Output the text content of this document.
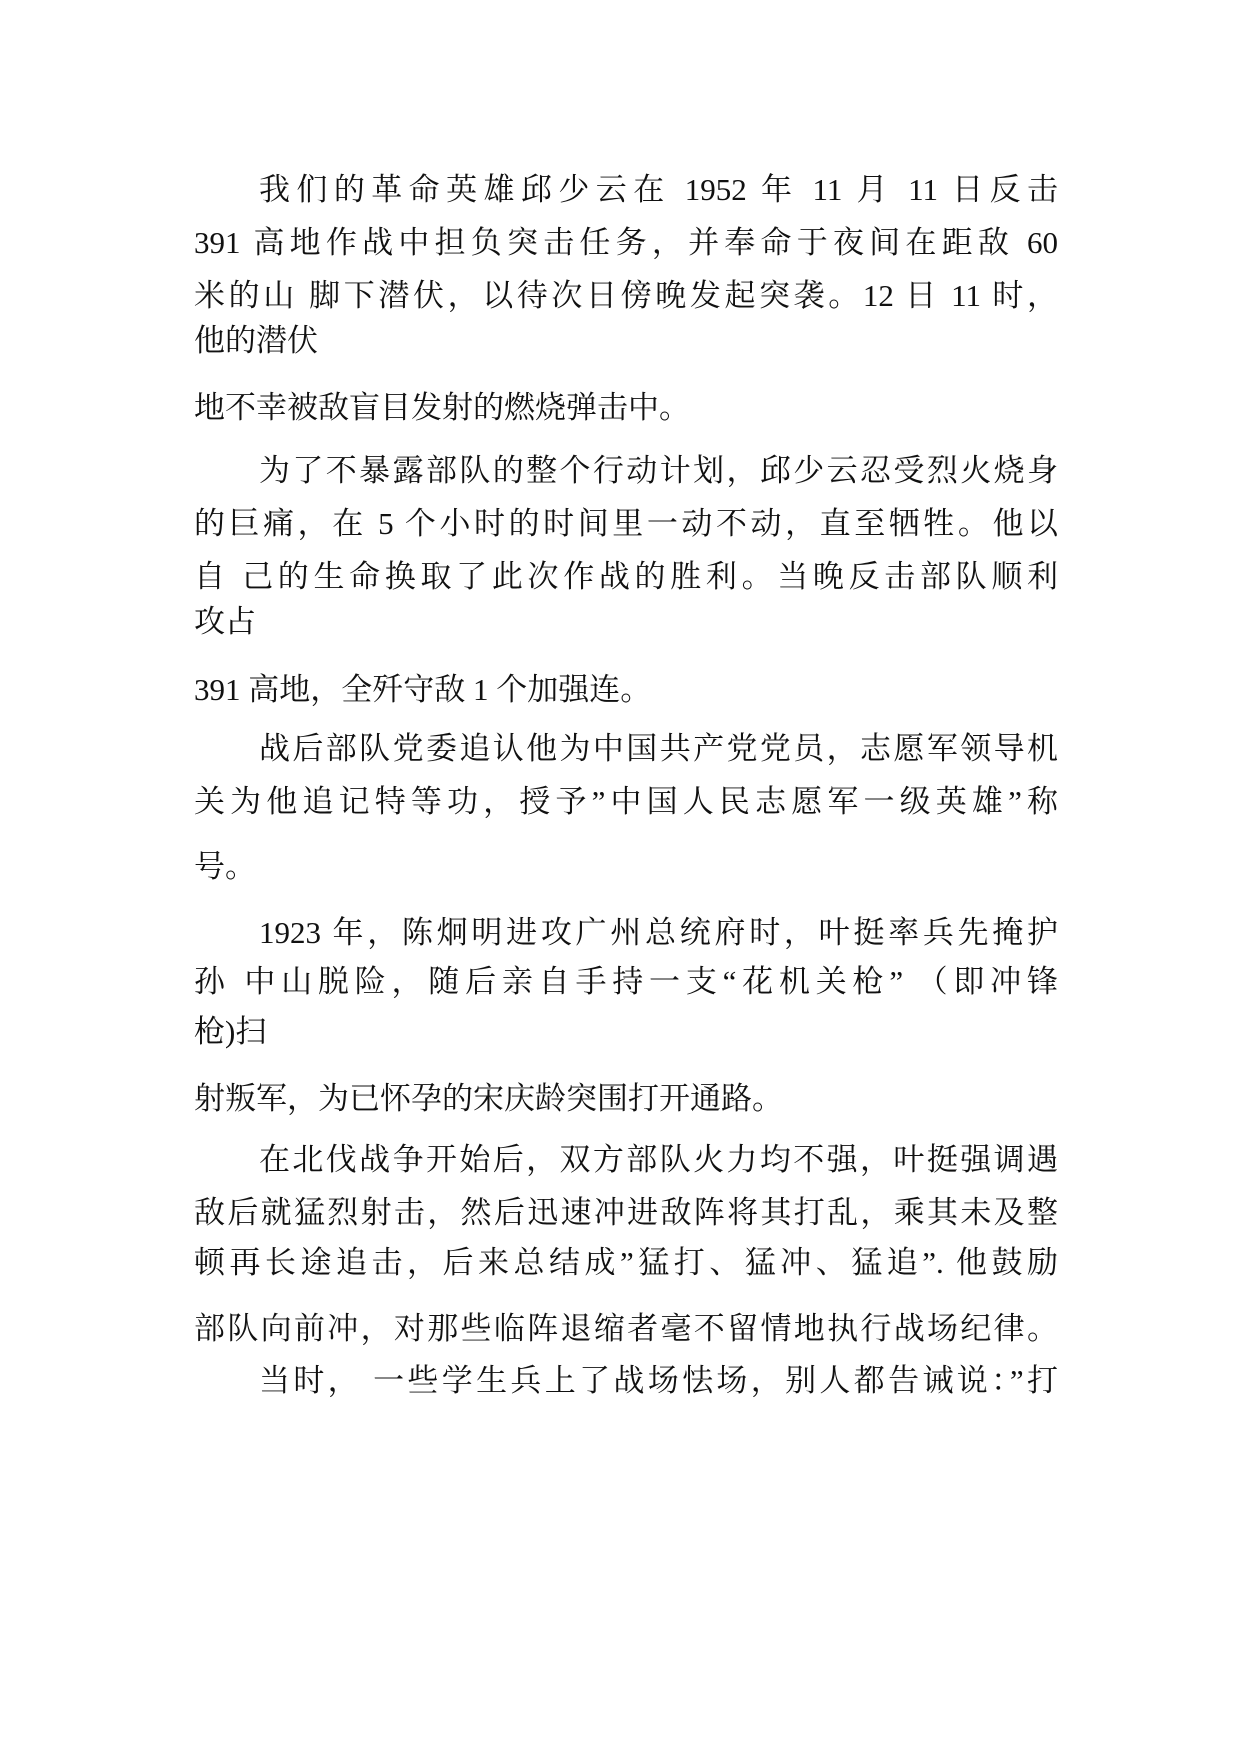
我们的革命英雄邱少云在 1952 年 11 月 11 日反击
391 高地作战中担负突击任务，并奉命于夜间在距敌 60
米的山 脚下潜伏，以待次日傍晚发起突袭。12 日 11 时，
他的潜伏
地不幸被敌盲目发射的燃烧弹击中。
为了不暴露部队的整个行动计划，邱少云忍受烈火烧身
的巨痛，在 5 个小时的时间里一动不动，直至牺牲。他以
自 己的生命换取了此次作战的胜利。当晚反击部队顺利
攻占
391 高地，全歼守敌 1 个加强连。
战后部队党委追认他为中国共产党党员，志愿军领导机
关为他追记特等功，授予”中国人民志愿军一级英雄”称
号。
1923 年，陈炯明进攻广州总统府时，叶挺率兵先掩护
孙 中山脱险，随后亲自手持一支“花机关枪” （即冲锋
枪)扫
射叛军，为已怀孕的宋庆龄突围打开通路。
在北伐战争开始后，双方部队火力均不强，叶挺强调遇
敌后就猛烈射击，然后迅速冲进敌阵将其打乱，乘其未及整
顿再长途追击，后来总结成”猛打、猛冲、猛追”. 他鼓励
部队向前冲，对那些临阵退缩者毫不留情地执行战场纪律。
当时， 一些学生兵上了战场怯场，别人都告诫说：”打
